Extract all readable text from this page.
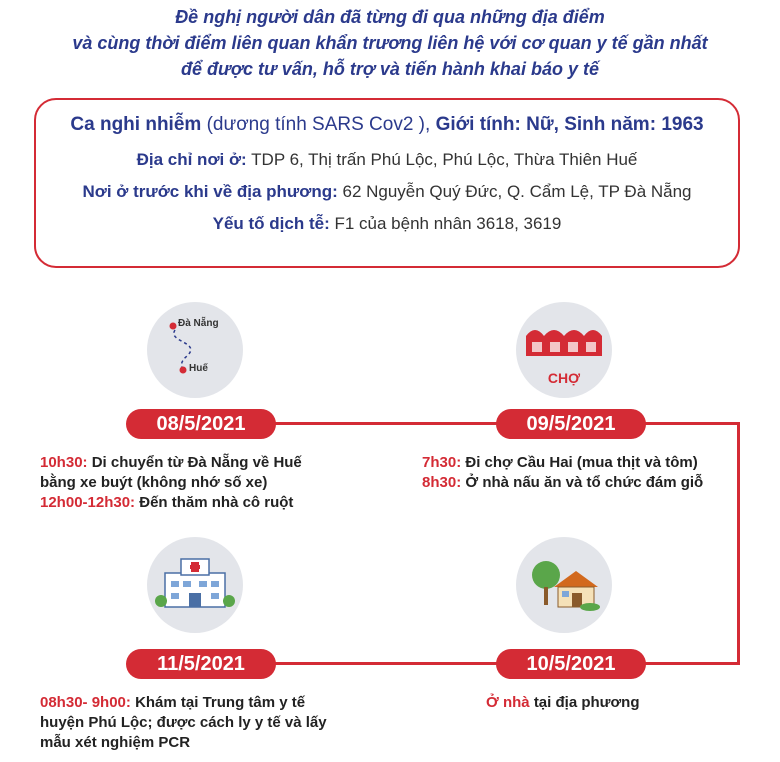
Đề nghị người dân đã từng đi qua những địa điểm
và cùng thời điểm liên quan khẩn trương liên hệ với cơ quan y tế gần nhất
để được tư vấn, hỗ trợ và tiến hành khai báo y tế
Ca nghi nhiễm (dương tính SARS Cov2 ), Giới tính: Nữ, Sinh năm: 1963
Địa chỉ nơi ở: TDP 6, Thị trấn Phú Lộc, Phú Lộc, Thừa Thiên Huế
Nơi ở trước khi về địa phương: 62 Nguyễn Quý Đức, Q. Cẩm Lệ, TP Đà Nẵng
Yếu tố dịch tễ: F1 của bệnh nhân 3618, 3619
Đà Nẵng
Huế
CHỢ
08/5/2021	09/5/2021
11/5/2021	10/5/2021
10h30: Di chuyển từ Đà Nẵng về Huế
bằng xe buýt (không nhớ số xe)
12h00-12h30: Đến thăm nhà cô ruột
7h30: Đi chợ Cầu Hai (mua thịt và tôm)
8h30: Ở nhà nấu ăn và tổ chức đám giỗ
08h30- 9h00: Khám tại Trung tâm y tế
huyện Phú Lộc; được cách ly y tế và lấy
mẫu xét nghiệm PCR
Ở nhà tại địa phương
